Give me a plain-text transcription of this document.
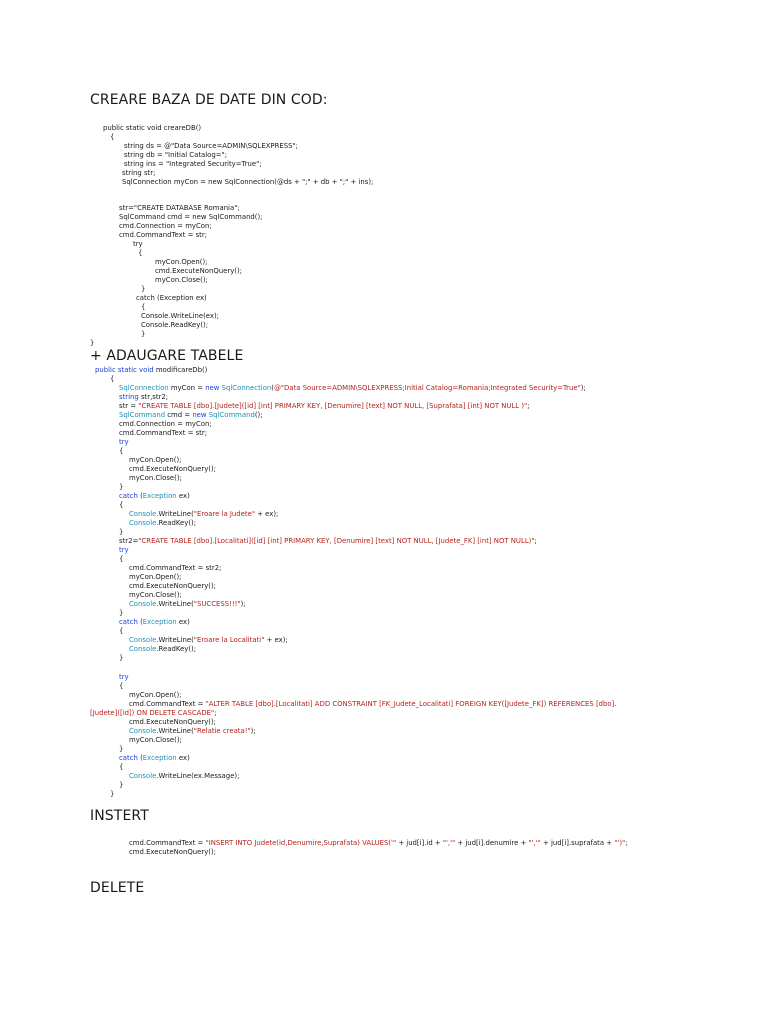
CREARE BAZA DE DATE DIN COD:
public static void creareDB()
{
string ds = @"Data Source=ADMIN\SQLEXPRESS";
string db = "Initial Catalog=";
string ins = "Integrated Security=True";
string str;
SqlConnection myCon = new SqlConnection(@ds + ";" + db + ";" + ins);
str="CREATE DATABASE Romania";
SqlCommand cmd = new SqlCommand();
cmd.Connection = myCon;
cmd.CommandText = str;
try
{
myCon.Open();
cmd.ExecuteNonQuery();
myCon.Close();
}
catch (Exception ex)
{
Console.WriteLine(ex);
Console.ReadKey();
}
}
+ ADAUGARE TABELE
public static void modificareDb()
{
SqlConnection myCon = new SqlConnection(@"Data Source=ADMIN\SQLEXPRESS;Initial Catalog=Romania;Integrated Security=True");
string str,str2;
str = "CREATE TABLE [dbo].[Judete]([id] [int] PRIMARY KEY, [Denumire] [text] NOT NULL, [Suprafata] [int] NOT NULL )";
SqlCommand cmd = new SqlCommand();
cmd.Connection = myCon;
cmd.CommandText = str;
try
{
myCon.Open();
cmd.ExecuteNonQuery();
myCon.Close();
}
catch (Exception ex)
{
Console.WriteLine("Eroare la Judete" + ex);
Console.ReadKey();
}
str2="CREATE TABLE [dbo].[Localitati]([id] [int] PRIMARY KEY, [Denumire] [text] NOT NULL, [Judete_FK] [int] NOT NULL)";
try
{
cmd.CommandText = str2;
myCon.Open();
cmd.ExecuteNonQuery();
myCon.Close();
Console.WriteLine("SUCCESS!!!");
}
catch (Exception ex)
{
Console.WriteLine("Eroare la Localitati" + ex);
Console.ReadKey();
}
try
{
myCon.Open();
cmd.CommandText = "ALTER TABLE [dbo].[Localitati] ADD CONSTRAINT [FK_Judete_Localitati] FOREIGN KEY([Judete_FK]) REFERENCES [dbo].
[Judete]([id]) ON DELETE CASCADE";
cmd.ExecuteNonQuery();
Console.WriteLine("Relatie creata!");
myCon.Close();
}
catch (Exception ex)
{
Console.WriteLine(ex.Message);
}
}
INSTERT
cmd.CommandText = "INSERT INTO Judete(id,Denumire,Suprafata) VALUES('" + jud[i].id + "','" + jud[i].denumire + "','" + jud[i].suprafata + "')";
cmd.ExecuteNonQuery();
DELETE
